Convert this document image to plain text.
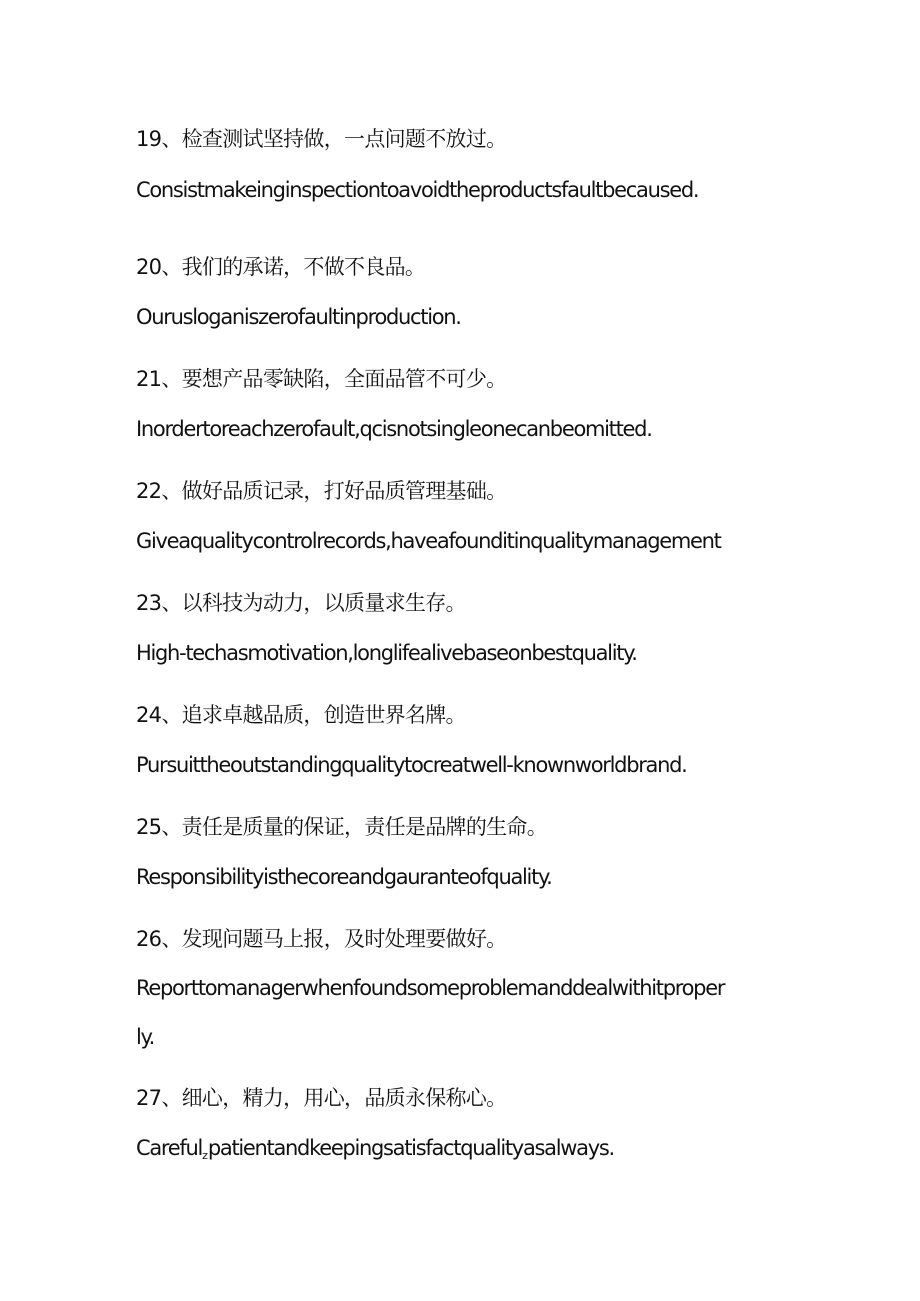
19、检查测试坚持做，一点问题不放过。
Consistmakeinginspectiontoavoidtheproductsfaultbecaused.
20、我们的承诺，不做不良品。
Ourusloganiszerofaultinproduction.
21、要想产品零缺陷，全面品管不可少。
Inordertoreachzerofault,qcisnotsingleonecanbeomitted.
22、做好品质记录，打好品质管理基础。
Giveaqualitycontrolrecords,haveafounditinqualitymanagement
23、以科技为动力，以质量求生存。
High-techasmotivation,longlifealivebaseonbestquality.
24、追求卓越品质，创造世界名牌。
Pursuittheoutstandingqualitytocreatwell-knownworldbrand.
25、责任是质量的保证，责任是品牌的生命。
Responsibilityisthecoreandgauranteofquality.
26、发现问题马上报，及时处理要做好。
Reporttomanagerwhenfoundsomeproblemanddealwithitproper
ly.
27、细心，精力，用心，品质永保称心。
Careful$_z$patientandkeepingsatisfactqualityasalways.
